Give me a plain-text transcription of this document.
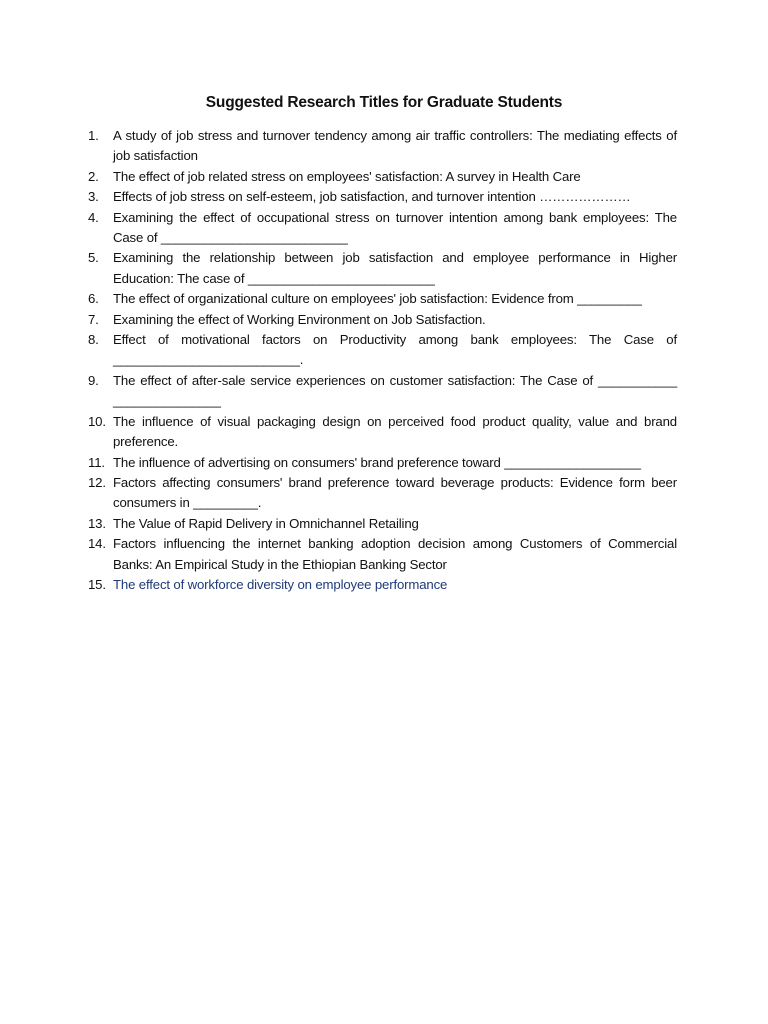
Suggested Research Titles for Graduate Students
1.	A study of job stress and turnover tendency among air traffic controllers: The mediating effects of job satisfaction
2.	The effect of job related stress on employees' satisfaction: A survey in Health Care
3.	Effects of job stress on self-esteem, job satisfaction, and turnover intention …………………
4.	Examining the effect of occupational stress on turnover intention among bank employees: The Case of __________________________
5.	Examining the relationship between job satisfaction and employee performance in Higher Education: The case of __________________________
6.	The effect of organizational culture on employees' job satisfaction: Evidence from _________
7.	Examining the effect of Working Environment on Job Satisfaction.
8.	Effect of motivational factors on Productivity among bank employees: The Case of __________________________.
9.	The effect of after-sale service experiences on customer satisfaction: The Case of ___________ _______________
10. The influence of visual packaging design on perceived food product quality, value and brand preference.
11. The influence of advertising on consumers' brand preference toward ___________________
12. Factors affecting consumers' brand preference toward beverage products: Evidence form beer consumers in _________.
13. The Value of Rapid Delivery in Omnichannel Retailing
14. Factors influencing the internet banking adoption decision among Customers of Commercial Banks: An Empirical Study in the Ethiopian Banking Sector
15. The effect of workforce diversity on employee performance
